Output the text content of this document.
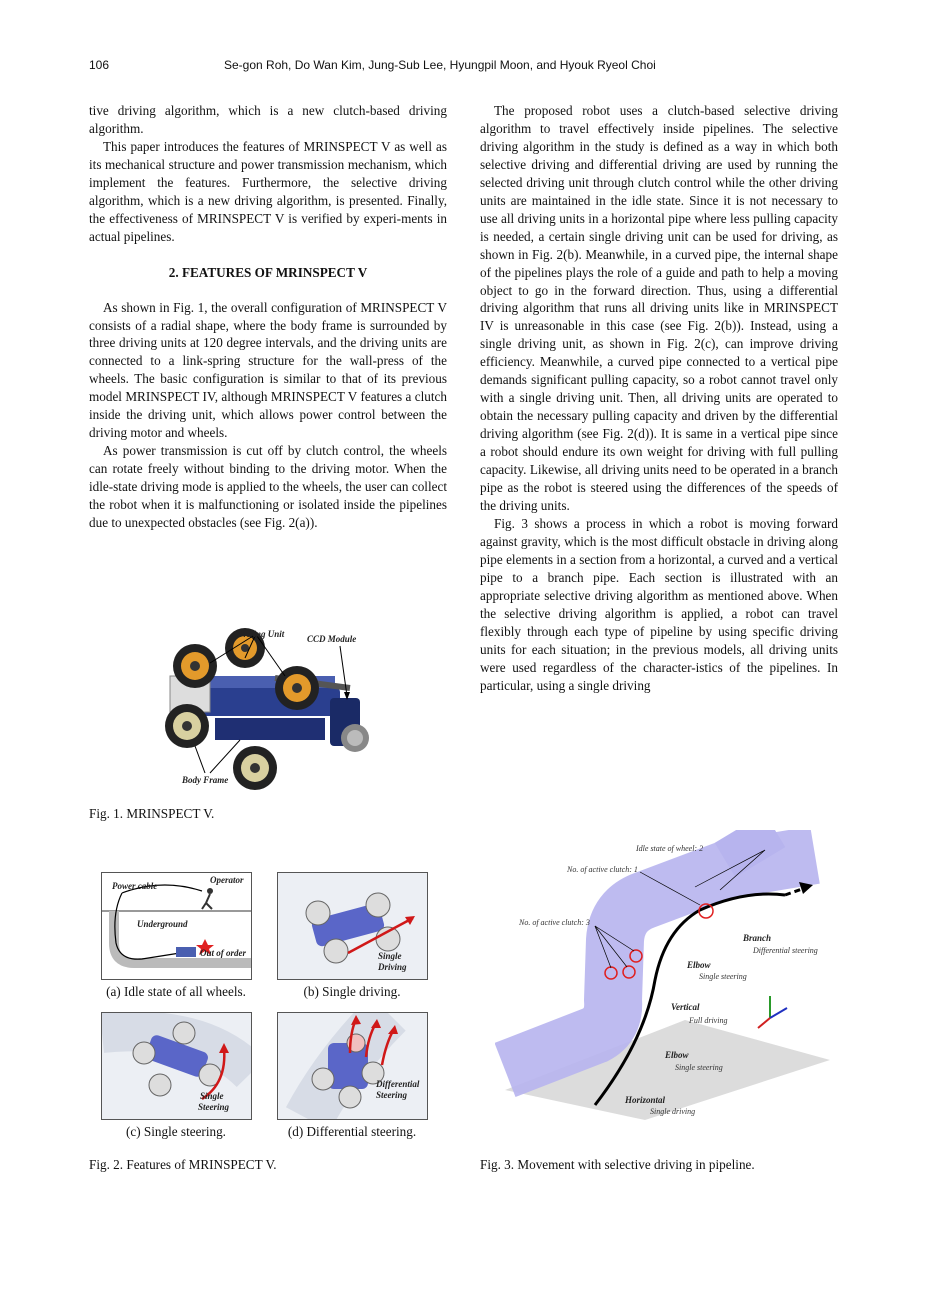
106	Se-gon Roh, Do Wan Kim, Jung-Sub Lee, Hyungpil Moon, and Hyouk Ryeol Choi

tive driving algorithm, which is a new clutch-based driving algorithm.

This paper introduces the features of MRINSPECT V as well as its mechanical structure and power transmission mechanism, which implement the features. Furthermore, the selective driving algorithm, which is a new driving algorithm, is presented. Finally, the effectiveness of MRINSPECT V is verified by experi-ments in actual pipelines.

2. FEATURES OF MRINSPECT V

As shown in Fig. 1, the overall configuration of MRINSPECT V consists of a radial shape, where the body frame is surrounded by three driving units at 120 degree intervals, and the driving units are connected to a link-spring structure for the wall-press of the wheels. The basic configuration is similar to that of its previous model MRINSPECT IV, although MRINSPECT V features a clutch inside the driving unit, which allows power control between the driving motor and wheels.

As power transmission is cut off by clutch control, the wheels can rotate freely without binding to the driving motor. When the idle-state driving mode is applied to the wheels, the user can collect the robot when it is malfunctioning or isolated inside the pipelines due to unexpected obstacles (see Fig. 2(a)).

The proposed robot uses a clutch-based selective driving algorithm to travel effectively inside pipelines. The selective driving algorithm in the study is defined as a way in which both selective driving and differential driving are used by running the selected driving unit through clutch control while the other driving units are maintained in the idle state. Since it is not necessary to use all driving units in a horizontal pipe where less pulling capacity is needed, a certain single driving unit can be used for driving, as shown in Fig. 2(b). Meanwhile, in a curved pipe, the internal shape of the pipelines plays the role of a guide and path to help a moving object to go in the forward direction. Thus, using a differential driving algorithm that runs all driving units like in MRINSPECT IV is unreasonable in this case (see Fig. 2(b)). Instead, using a single driving unit, as shown in Fig. 2(c), can improve driving efficiency. Meanwhile, a curved pipe connected to a vertical pipe demands significant pulling capacity, so a robot cannot travel only with a single driving unit. Then, all driving units are operated to obtain the necessary pulling capacity and driven by the differential driving algorithm (see Fig. 2(d)). It is same in a vertical pipe since a robot should endure its own weight for driving with full pulling capacity. Likewise, all driving units need to be operated in a branch pipe as the robot is steered using the differences of the speeds of the driving units.

Fig. 3 shows a process in which a robot is moving forward against gravity, which is the most difficult obstacle in driving along pipe elements in a section from a horizontal, a curved and a vertical pipe to a branch pipe. Each section is illustrated with an appropriate selective driving algorithm as mentioned above. When the selective driving algorithm is applied, a robot can travel flexibly through each type of pipeline by using specific driving units for each situation; in the previous models, all driving units were used regardless of the character-istics of the pipelines. In particular, using a single driving

Driving Unit	CCD Module
Body Frame
Fig. 1. MRINSPECT V.
Power cable
Operator
Underground
Out of order
(a) Idle state of all wheels.
Single
Driving
(b) Single driving.
Single
Steering
(c) Single steering.
Differential
Steering
(d) Differential steering.
Fig. 2. Features of MRINSPECT V.
Idle state of wheel: 2
No. of active clutch: 1
No. of active clutch: 3
Branch
Differential steering
Elbow
Single steering
Vertical
Full driving
Elbow
Single steering
Horizontal
Single driving
Fig. 3. Movement with selective driving in pipeline.
